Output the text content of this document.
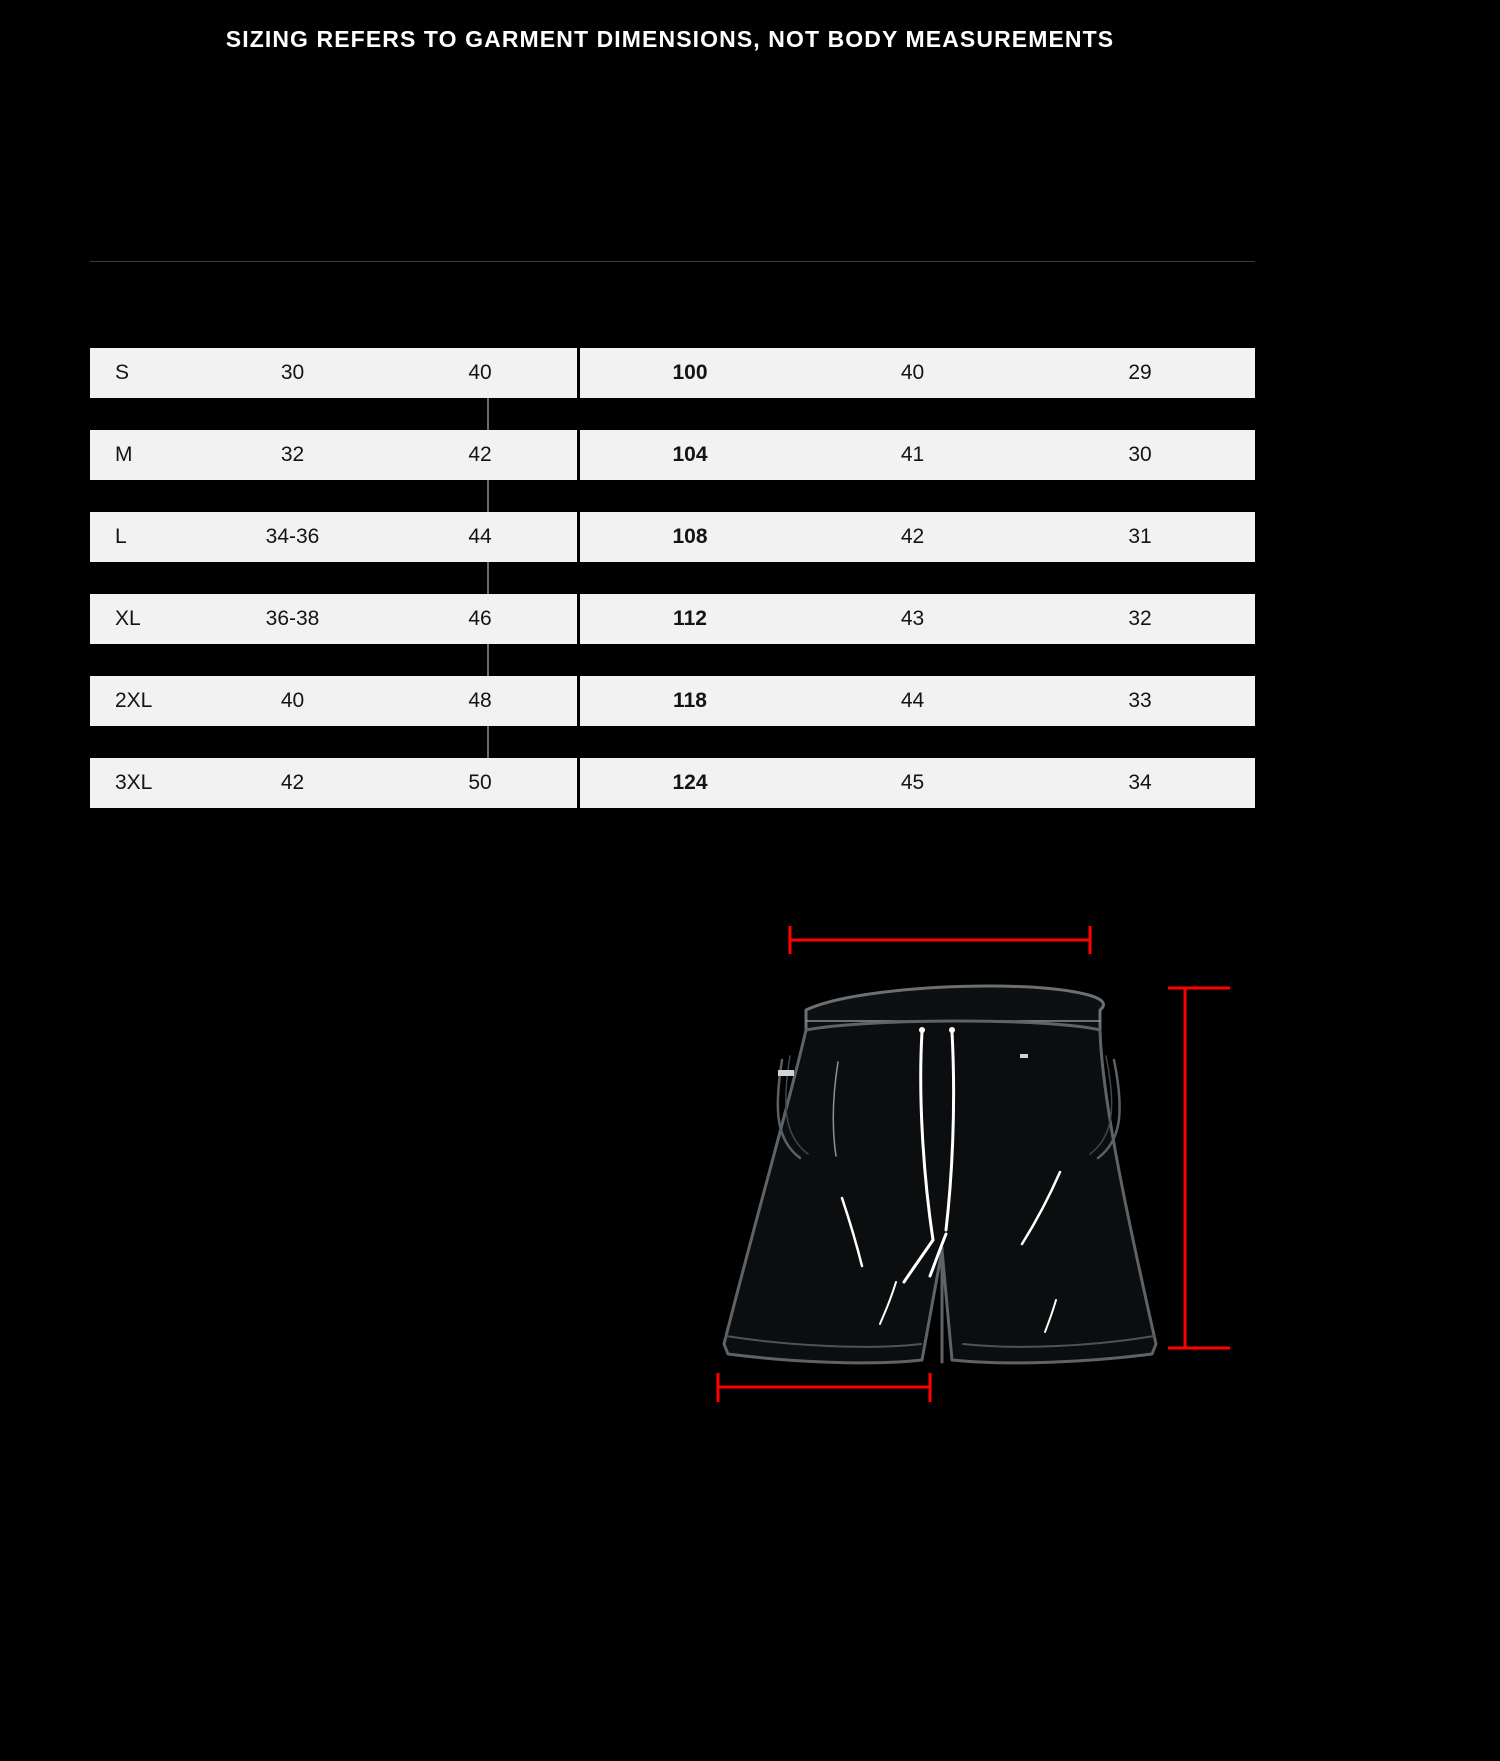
SIZING REFERS TO GARMENT DIMENSIONS, NOT BODY MEASUREMENTS
S	30	40	100	40	29
M	32	42	104	41	30
L	34-36	44	108	42	31
XL	36-38	46	112	43	32
2XL	40	48	118	44	33
3XL	42	50	124	45	34
